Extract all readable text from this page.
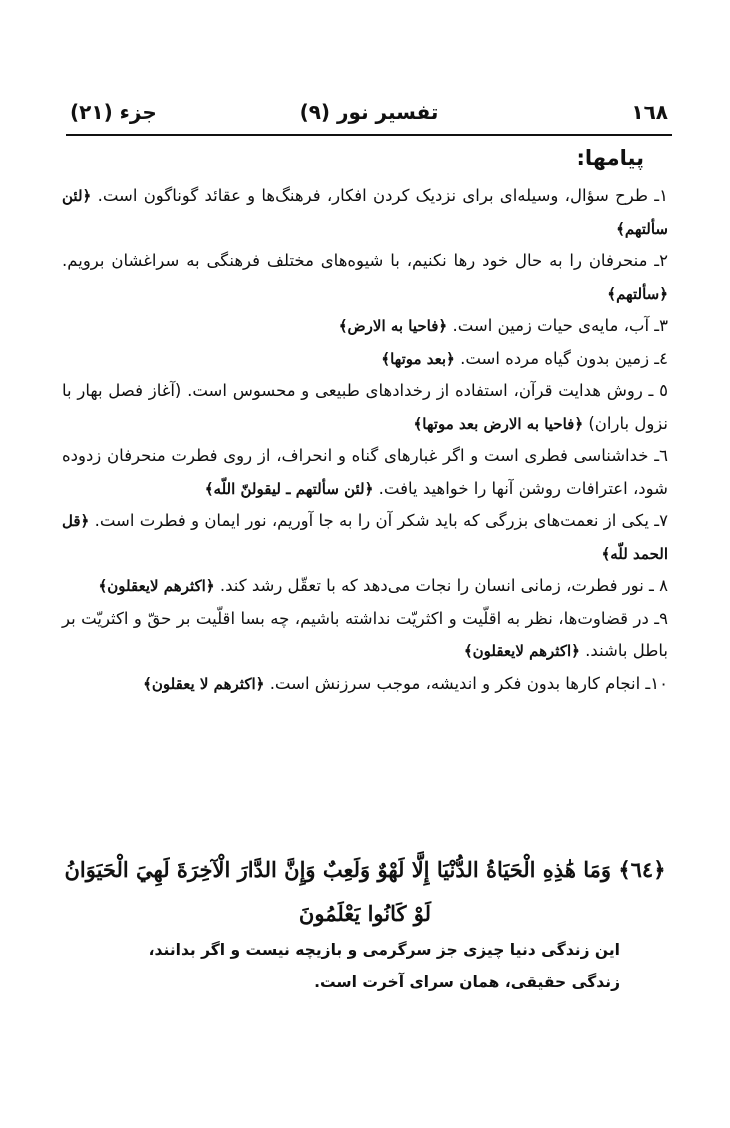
١٦٨
تفسیر نور (٩)
جزء (٢١)
پیامها:

١ـ طرح سؤال، وسیله‌ای برای نزدیک کردن افکار، فرهنگ‌ها و عقائد گوناگون است. ﴿لئن سألتهم﴾

٢ـ منحرفان را به حال خود رها نکنیم، با شیوه‌های مختلف فرهنگی به سراغشان برویم. ﴿سألتهم﴾

٣ـ آب، مایه‌ی حیات زمین است. ﴿فاحیا به الارض﴾

٤ـ زمین بدون گیاه مرده است. ﴿بعد موتها﴾

٥ ـ روش هدایت قرآن، استفاده از رخدادهای طبیعی و محسوس است. (آغاز فصل بهار با نزول باران) ﴿فاحیا به الارض بعد موتها﴾

٦ـ خداشناسی فطری است و اگر غبارهای گناه و انحراف، از روی فطرت منحرفان زدوده شود، اعترافات روشن آنها را خواهید یافت. ﴿لئن سألتهم ـ لیقولنّ اللّه﴾

٧ـ یکی از نعمت‌های بزرگی که باید شکر آن را به جا آوریم، نور ایمان و فطرت است. ﴿قل الحمد للّه﴾

٨ ـ نور فطرت، زمانی انسان را نجات می‌دهد که با تعقّل رشد کند. ﴿اکثرهم لایعقلون﴾

٩ـ در قضاوت‌ها، نظر به اقلّیت و اکثریّت نداشته باشیم، چه بسا اقلّیت بر حقّ و اکثریّت بر باطل باشند. ﴿اکثرهم لایعقلون﴾

١٠ـ انجام کارها بدون فکر و اندیشه، موجب سرزنش است. ﴿اکثرهم لا یعقلون﴾

﴿٦٤﴾ وَمَا هَٰذِهِ الْحَيَاةُ الدُّنْيَا إِلَّا لَهْوٌ وَلَعِبٌ وَإِنَّ الدَّارَ الْآخِرَةَ لَهِيَ الْحَيَوَانُ لَوْ كَانُوا يَعْلَمُونَ
این زندگی دنیا چیزی جز سرگرمی و بازیچه نیست و اگر بدانند، زندگی حقیقی، همان سرای آخرت است.
